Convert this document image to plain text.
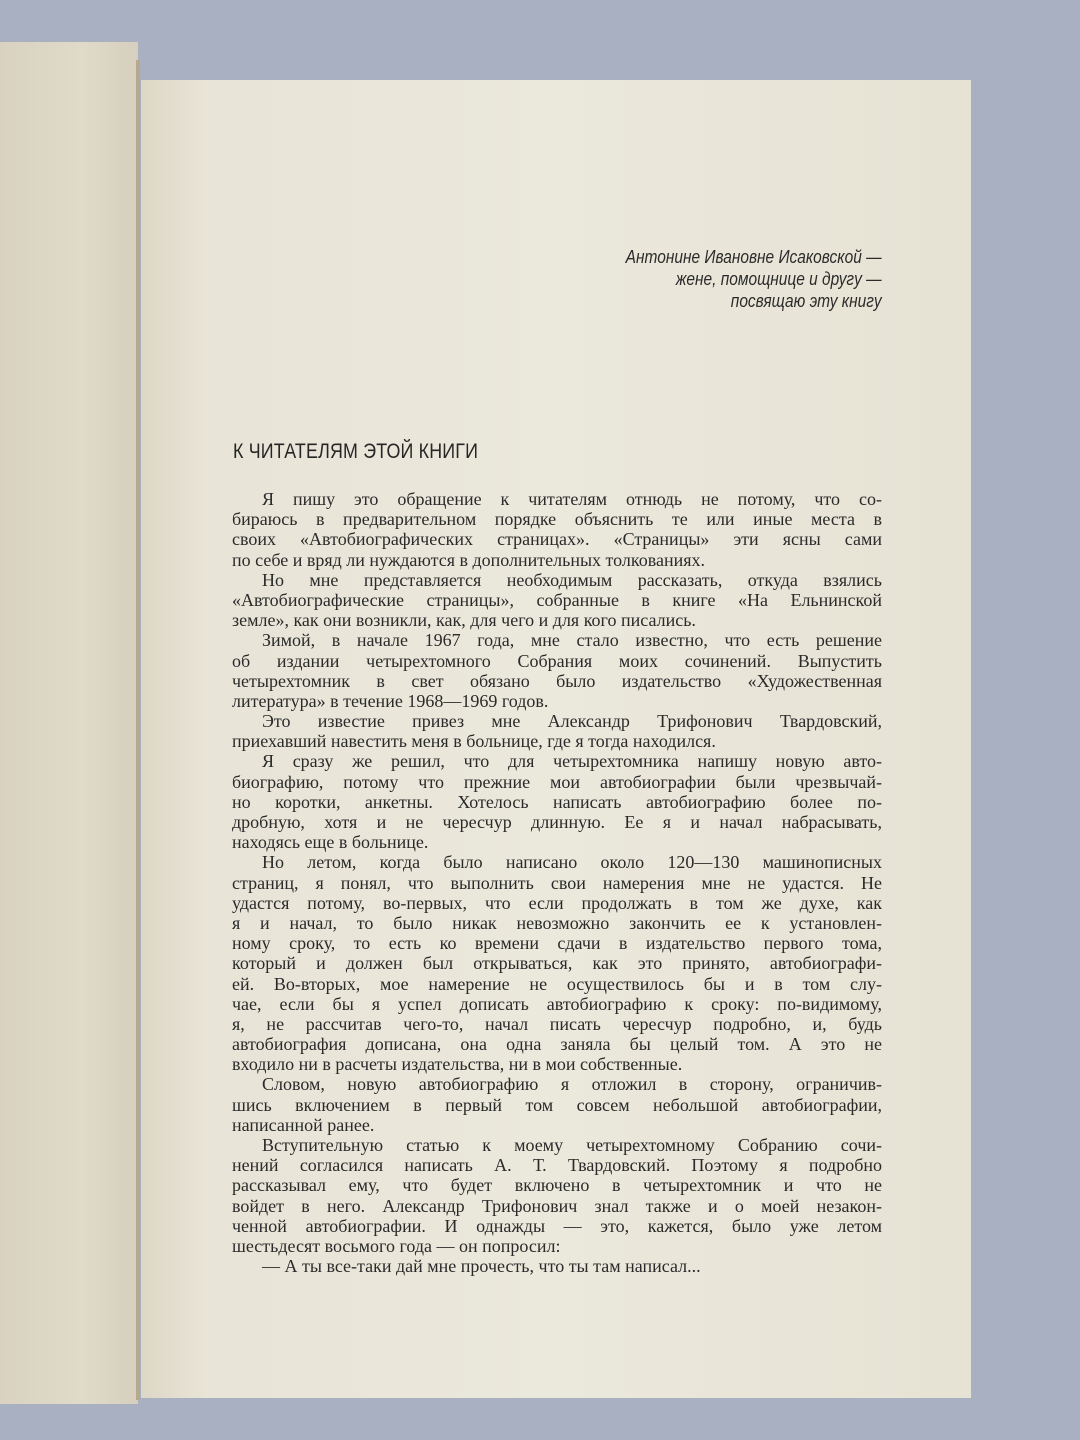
Антонине Ивановне Исаковской —
жене, помощнице и другу —
посвящаю эту книгу
К ЧИТАТЕЛЯМ ЭТОЙ КНИГИ
Я пишу это обращение к читателям отнюдь не потому, что со-
бираюсь в предварительном порядке объяснить те или иные места в
своих «Автобиографических страницах». «Страницы» эти ясны сами
по себе и вряд ли нуждаются в дополнительных толкованиях.
Но мне представляется необходимым рассказать, откуда взялись
«Автобиографические страницы», собранные в книге «На Ельнинской
земле», как они возникли, как, для чего и для кого писались.
Зимой, в начале 1967 года, мне стало известно, что есть решение
об издании четырехтомного Собрания моих сочинений. Выпустить
четырехтомник в свет обязано было издательство «Художественная
литература» в течение 1968—1969 годов.
Это известие привез мне Александр Трифонович Твардовский,
приехавший навестить меня в больнице, где я тогда находился.
Я сразу же решил, что для четырехтомника напишу новую авто-
биографию, потому что прежние мои автобиографии были чрезвычай-
но коротки, анкетны. Хотелось написать автобиографию более по-
дробную, хотя и не чересчур длинную. Ее я и начал набрасывать,
находясь еще в больнице.
Но летом, когда было написано около 120—130 машинописных
страниц, я понял, что выполнить свои намерения мне не удастся. Не
удастся потому, во-первых, что если продолжать в том же духе, как
я и начал, то было никак невозможно закончить ее к установлен-
ному сроку, то есть ко времени сдачи в издательство первого тома,
который и должен был открываться, как это принято, автобиографи-
ей. Во-вторых, мое намерение не осуществилось бы и в том слу-
чае, если бы я успел дописать автобиографию к сроку: по-видимому,
я, не рассчитав чего-то, начал писать чересчур подробно, и, будь
автобиография дописана, она одна заняла бы целый том. А это не
входило ни в расчеты издательства, ни в мои собственные.
Словом, новую автобиографию я отложил в сторону, ограничив-
шись включением в первый том совсем небольшой автобиографии,
написанной ранее.
Вступительную статью к моему четырехтомному Собранию сочи-
нений согласился написать А. Т. Твардовский. Поэтому я подробно
рассказывал ему, что будет включено в четырехтомник и что не
войдет в него. Александр Трифонович знал также и о моей незакон-
ченной автобиографии. И однажды — это, кажется, было уже летом
шестьдесят восьмого года — он попросил:
— А ты все-таки дай мне прочесть, что ты там написал...
